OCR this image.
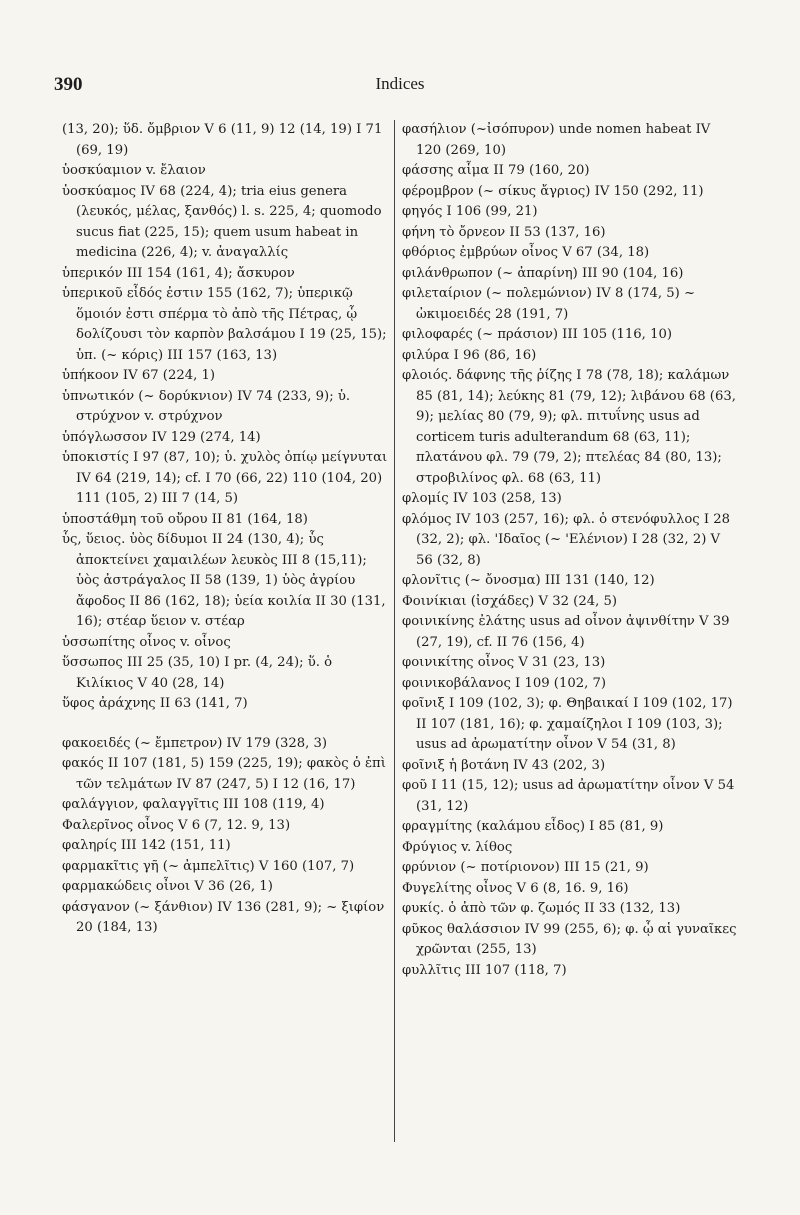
390	Indices

(13, 20); ὕδ. ὄμβριον V 6 (11, 9) 12 (14, 19) I 71 (69, 19)

ὑοσκύαμιον v. ἔλαιον

ὑοσκύαμος IV 68 (224, 4); tria eius genera (λευκός, μέλας, ξανθός) l. s. 225, 4; quomodo sucus fiat (225, 15); quem usum habeat in medicina (226, 4); v. ἀναγαλλίς

ὑπερικόν III 154 (161, 4); ἄσκυρον

ὑπερικοῦ εἶδός ἐστιν 155 (162, 7); ὑπερικῷ ὅμοιόν ἐστι σπέρμα τὸ ἀπὸ τῆς Πέτρας, ᾧ δολίζουσι τὸν καρπὸν βαλσάμου I 19 (25, 15); ὑπ. (~ κόρις) III 157 (163, 13)

ὑπήκοον IV 67 (224, 1)

ὑπνωτικόν (~ δορύκνιον) IV 74 (233, 9); ὑ. στρύχνον v. στρύχνον

ὑπόγλωσσον IV 129 (274, 14)

ὑποκιστίς I 97 (87, 10); ὑ. χυλὸς ὀπίῳ μείγνυται IV 64 (219, 14); cf. I 70 (66, 22) 110 (104, 20) 111 (105, 2) III 7 (14, 5)

ὑποστάθμη τοῦ οὔρου II 81 (164, 18)

ὗς, ὕειος. ὑὸς δίδυμοι II 24 (130, 4); ὗς ἀποκτείνει χαμαιλέων λευκὸς III 8 (15,11); ὑὸς ἀστράγαλος II 58 (139, 1) ὑὸς ἀγρίου ἄφοδος II 86 (162, 18); ὑεία κοιλία II 30 (131, 16); στέαρ ὕειον v. στέαρ

ὑσσωπίτης οἶνος v. οἶνος

ὕσσωπος III 25 (35, 10) I pr. (4, 24); ὕ. ὁ Κιλίκιος V 40 (28, 14)

ὕφος ἀράχνης II 63 (141, 7)

φακοειδές (~ ἔμπετρον) IV 179 (328, 3)

φακός II 107 (181, 5) 159 (225, 19); φακὸς ὁ ἐπὶ τῶν τελμάτων IV 87 (247, 5) I 12 (16, 17)

φαλάγγιον, φαλαγγῖτις III 108 (119, 4)

Φαλερῖνος οἶνος V 6 (7, 12. 9, 13)

φαληρίς III 142 (151, 11)

φαρμακῖτις γῆ (~ ἀμπελῖτις) V 160 (107, 7)

φαρμακώδεις οἶνοι V 36 (26, 1)

φάσγανον (~ ξάνθιον) IV 136 (281, 9); ~ ξιφίον 20 (184, 13)

φασήλιον (~ἰσόπυρον) unde nomen habeat IV 120 (269, 10)

φάσσης αἷμα II 79 (160, 20)

φέρομβρον (~ σίκυς ἄγριος) IV 150 (292, 11)

φηγός I 106 (99, 21)

φήνη τὸ ὄρνεον II 53 (137, 16)

φθόριος ἐμβρύων οἶνος V 67 (34, 18)

φιλάνθρωπον (~ ἀπαρίνη) III 90 (104, 16)

φιλεταίριον (~ πολεμώνιον) IV 8 (174, 5) ~ ὠκιμοειδές 28 (191, 7)

φιλοφαρές (~ πράσιον) III 105 (116, 10)

φιλύρα I 96 (86, 16)

φλοιός. δάφνης τῆς ῥίζης I 78 (78, 18); καλάμων 85 (81, 14); λεύκης 81 (79, 12); λιβάνου 68 (63, 9); μελίας 80 (79, 9); φλ. πιτυΐνης usus ad corticem turis adulterandum 68 (63, 11); πλατάνου φλ. 79 (79, 2); πτελέας 84 (80, 13); στροβιλίνος φλ. 68 (63, 11)

φλομίς IV 103 (258, 13)

φλόμος IV 103 (257, 16); φλ. ὁ στενόφυλλος I 28 (32, 2); φλ. 'Ιδαῖος (~ 'Ελένιον) I 28 (32, 2) V 56 (32, 8)

φλονῖτις (~ ὄνοσμα) III 131 (140, 12)

Φοινίκιαι (ἰσχάδες) V 32 (24, 5)

φοινικίνης ἐλάτης usus ad οἶνον ἀψινθίτην V 39 (27, 19), cf. II 76 (156, 4)

φοινικίτης οἶνος V 31 (23, 13)

φοινικοβάλανος I 109 (102, 7)

φοῖνιξ I 109 (102, 3); φ. Θηβαικαί I 109 (102, 17) II 107 (181, 16); φ. χαμαίζηλοι I 109 (103, 3); usus ad ἀρωματίτην οἶνον V 54 (31, 8)

φοῖνιξ ἡ βοτάνη IV 43 (202, 3)

φοῦ I 11 (15, 12); usus ad ἀρωματίτην οἶνον V 54 (31, 12)

φραγμίτης (καλάμου εἶδος) I 85 (81, 9)

Φρύγιος v. λίθος

φρύνιον (~ ποτίριονον) III 15 (21, 9)

Φυγελίτης οἶνος V 6 (8, 16. 9, 16)

φυκίς. ὁ ἀπὸ τῶν φ. ζωμός II 33 (132, 13)

φῦκος θαλάσσιον IV 99 (255, 6); φ. ᾧ αἱ γυναῖκες χρῶνται (255, 13)

φυλλῖτις III 107 (118, 7)
